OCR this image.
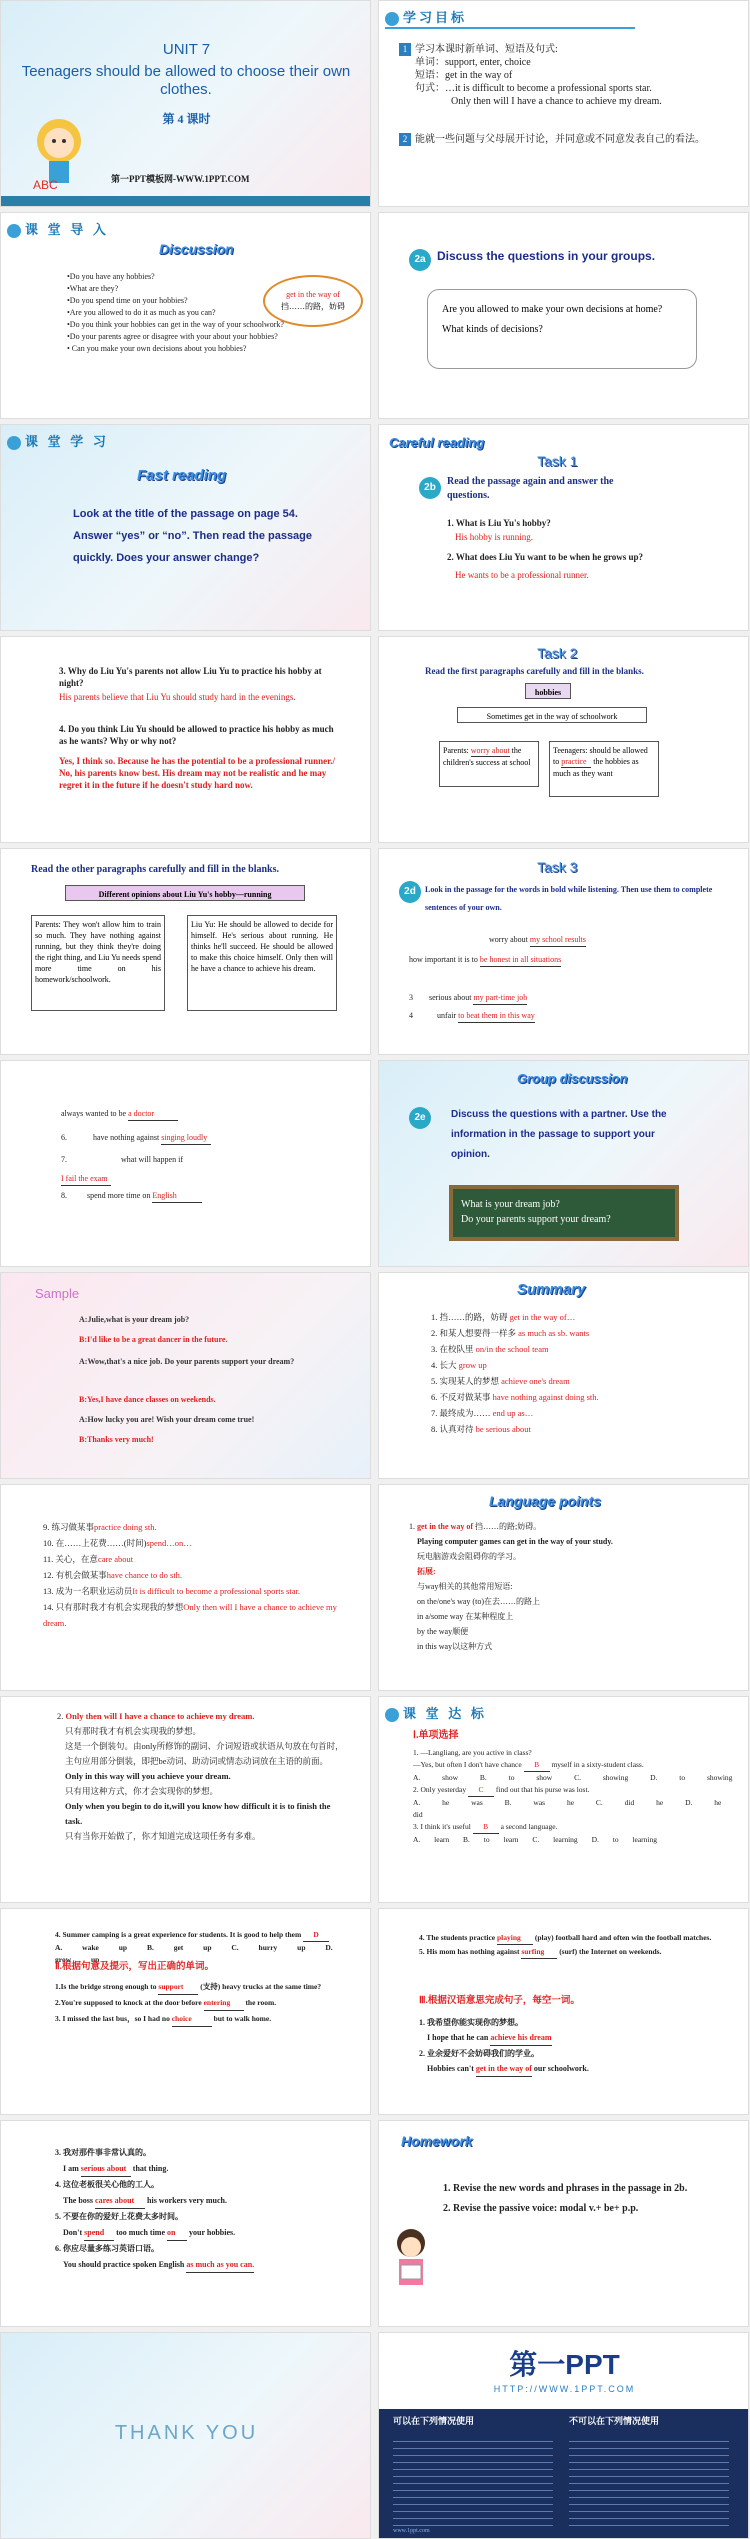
UNIT 7
Teenagers should be allowed to choose their own clothes.
第 4 课时
ABC	第一PPT模板网-WWW.1PPT.COM
学习目标
1 学习本课时新单词、短语及句式:
单词：support, enter, choice
短语：get in the way of
句式：…it is difficult to become a professional sports star.
Only then will I have a chance to achieve my dream.
2 能就一些问题与父母展开讨论，并同意或不同意发表自己的看法。
课 堂 导 入
Discussion
•Do you have any hobbies?
•What are they?
•Do you spend time on your hobbies?
•Are you allowed to do it as much as you can?
•Do you think your hobbies can get in the way of your schoolwork?
•Do your parents agree or disagree with your about your hobbies?
• Can you make your own decisions about you hobbies?
get in the way of
挡……的路，妨碍
2a Discuss the questions in your groups.
Are you allowed to make your own decisions at home?
What kinds of decisions?
课 堂 学 习
Fast reading
Look at the title of the passage on page 54. Answer “yes” or “no”. Then read the passage quickly. Does your answer change?
Careful reading
Task 1
2b
Read the passage again and answer the questions.
1. What is Liu Yu's hobby?
His hobby is running.
2. What does Liu Yu want to be when he grows up?
He wants to be a professional runner.
3. Why do Liu Yu's parents not allow Liu Yu to practice his hobby at night?
His parents believe that Liu Yu should study hard in the evenings.
4. Do you think Liu Yu should be allowed to practice his hobby as much as he wants? Why or why not?
Yes, I think so. Because he has the potential to be a professional runner./ No, his parents know best. His dream may not be realistic and he may regret it in the future if he doesn't study hard now.
Task 2
Read the first paragraphs carefully and fill in the blanks.
hobbies
Sometimes get in the way of schoolwork
Parents: worry about the children's success at school
Teenagers: should be allowed to practice the hobbies as much as they want
Read the other paragraphs carefully and fill in the blanks.
Different opinions about Liu Yu's hobby—running
Parents: They won't allow him to train so much. They have nothing against running, but they think they're doing the right thing, and Liu Yu needs spend more time on his homework/schoolwork.
Liu Yu: He should be allowed to decide for himself. He's serious about running. He thinks he'll succeed. He should be allowed to make this choice himself. Only then will he have a chance to achieve his dream.
Task 3
2d	Look in the passage for the words in bold while listening. Then use them to complete sentences of your own.
worry about my school results
how important it is to be honest in all situations
3 serious about my part-time job
4	unfair to beat them in this way
always wanted to be a doctor
6.	have nothing against singing loudly
7.	what will happen if
I fail the exam
8.	spend more time on English
Group discussion
2e	Discuss the questions with a partner. Use the information in the passage to support your opinion.
What is your dream job?
Do your parents support your dream?
Sample
A:Julie,what is your dream job?
B:I'd like to be a great dancer in the future.
A:Wow,that's a nice job. Do your parents support your dream?
B:Yes,I have dance classes on weekends.
A:How lucky you are! Wish your dream come true!
B:Thanks very much!
Summary
1. 挡……的路，妨碍 get in the way of…
2. 和某人想要得一样多 as much as sb. wants
3. 在校队里 on/in the school team
4. 长大 grow up
5. 实现某人的梦想 achieve one's dream
6. 不反对做某事 have nothing against doing sth.
7. 最终成为…… end up as…
8. 认真对待 be serious about
9. 练习做某事practice doing sth.
10. 在……上花费……(时间)spend…on…
11. 关心，在意care about
12. 有机会做某事have chance to do sth.
13. 成为一名职业运动员It is difficult to become a professional sports star.
14. 只有那时我才有机会实现我的梦想Only then will I have a chance to achieve my dream.
Language points
1. get in the way of 挡……的路;妨碍。
Playing computer games can get in the way of your study.
玩电脑游戏会阻碍你的学习。
拓展:
与way相关的其他常用短语:
on the/one's way (to)在去……的路上
in a/some way 在某种程度上
by the way顺便
in this way以这种方式
2. Only then will I have a chance to achieve my dream.
只有那时我才有机会实现我的梦想。
这是一个倒装句。由only所修饰的副词、介词短语或状语从句放在句首时，主句应用部分倒装，即把be动词、助动词或情态动词放在主语的前面。
Only in this way will you achieve your dream.
只有用这种方式，你才会实现你的梦想。
Only when you begin to do it,will you know how difficult it is to finish the task.
只有当你开始做了，你才知道完成这项任务有多难。
课 堂 达 标
Ⅰ.单项选择
1. —Langliang, are you active in class?
—Yes, but often I don't have chance B myself in a sixty-student class.
A. show	B. to show	C. showing	D. to showing
2. Only yesterday C find out that his purse was lost.
A. he was	B. was he	C. did he	D. he did
3. I think it's useful B a second language.
A. learn B. to learn C. learning D. to learning
4. Summer camping is a great experience for students. It is good to help them D
A. wake up	B. get up	C. hurry up	D. grow up
Ⅱ.根据句意及提示，写出正确的单词。
1.Is the bridge strong enough to support (支持) heavy trucks at the same time?
2.You're supposed to knock at the door before entering the room.
3. I missed the last bus，so I had no choice	but to walk home.
4. The students practice playing (play) football hard and often win the football matches.
5. His mom has nothing against surfing (surf) the Internet on weekends.
Ⅲ.根据汉语意思完成句子，每空一词。
1. 我希望你能实现你的梦想。
I hope that he can achieve his dream
2. 业余爱好不会妨碍我们的学业。
Hobbies can't get in the way of our schoolwork.
3. 我对那件事非常认真的。
I am serious about that thing.
4. 这位老板很关心他的工人。
The boss cares about his workers very much.
5. 不要在你的爱好上花费太多时间。
Don't spend too much time on your hobbies.
6. 你应尽量多练习英语口语。
You should practice spoken English as much as you can.
Homework
1. Revise the new words and phrases in the passage in 2b.
2. Revise the passive voice: modal v.+ be+ p.p.
THANK YOU
第一PPT
HTTP://WWW.1PPT.COM
可以在下列情况使用	不可以在下列情况使用
www.1ppt.com
